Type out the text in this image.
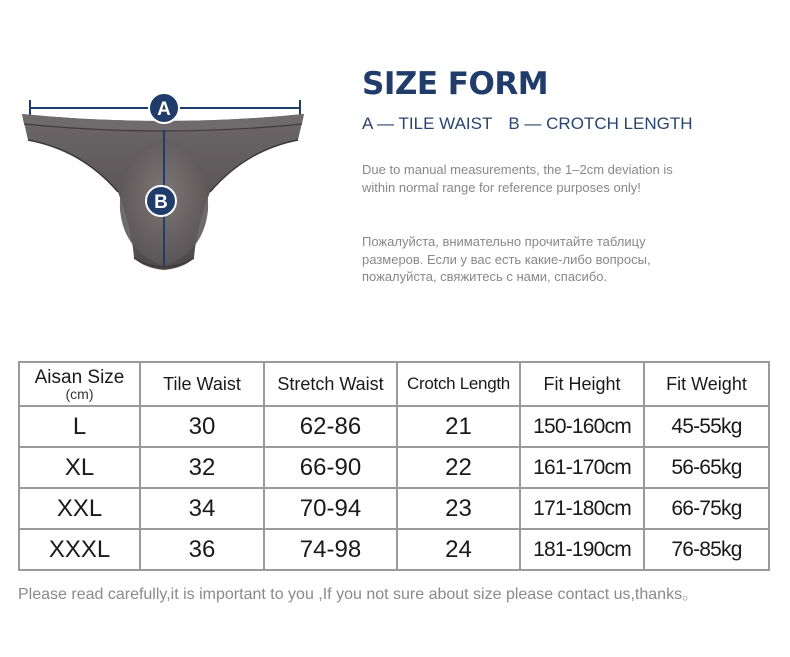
A
B
SIZE FORM
A — TILE WAIST B — CROTCH LENGTH

Due to manual measurements, the 1–2cm deviation is within normal range for reference purposes only!

Пожалуйста, внимательно прочитайте таблицу размеров. Если у вас есть какие-либо вопросы, пожалуйста, свяжитесь с нами, спасибо.

Aisan Size
(cm)	Tile Waist	Stretch Waist	Crotch Length	Fit Height	Fit Weight
L	30	62-86	21	150-160cm	45-55kg
XL	32	66-90	22	161-170cm	56-65kg
XXL	34	70-94	23	171-180cm	66-75kg
XXXL	36	74-98	24	181-190cm	76-85kg

Please read carefully,it is important to you ,If you not sure about size please contact us,thanks。
